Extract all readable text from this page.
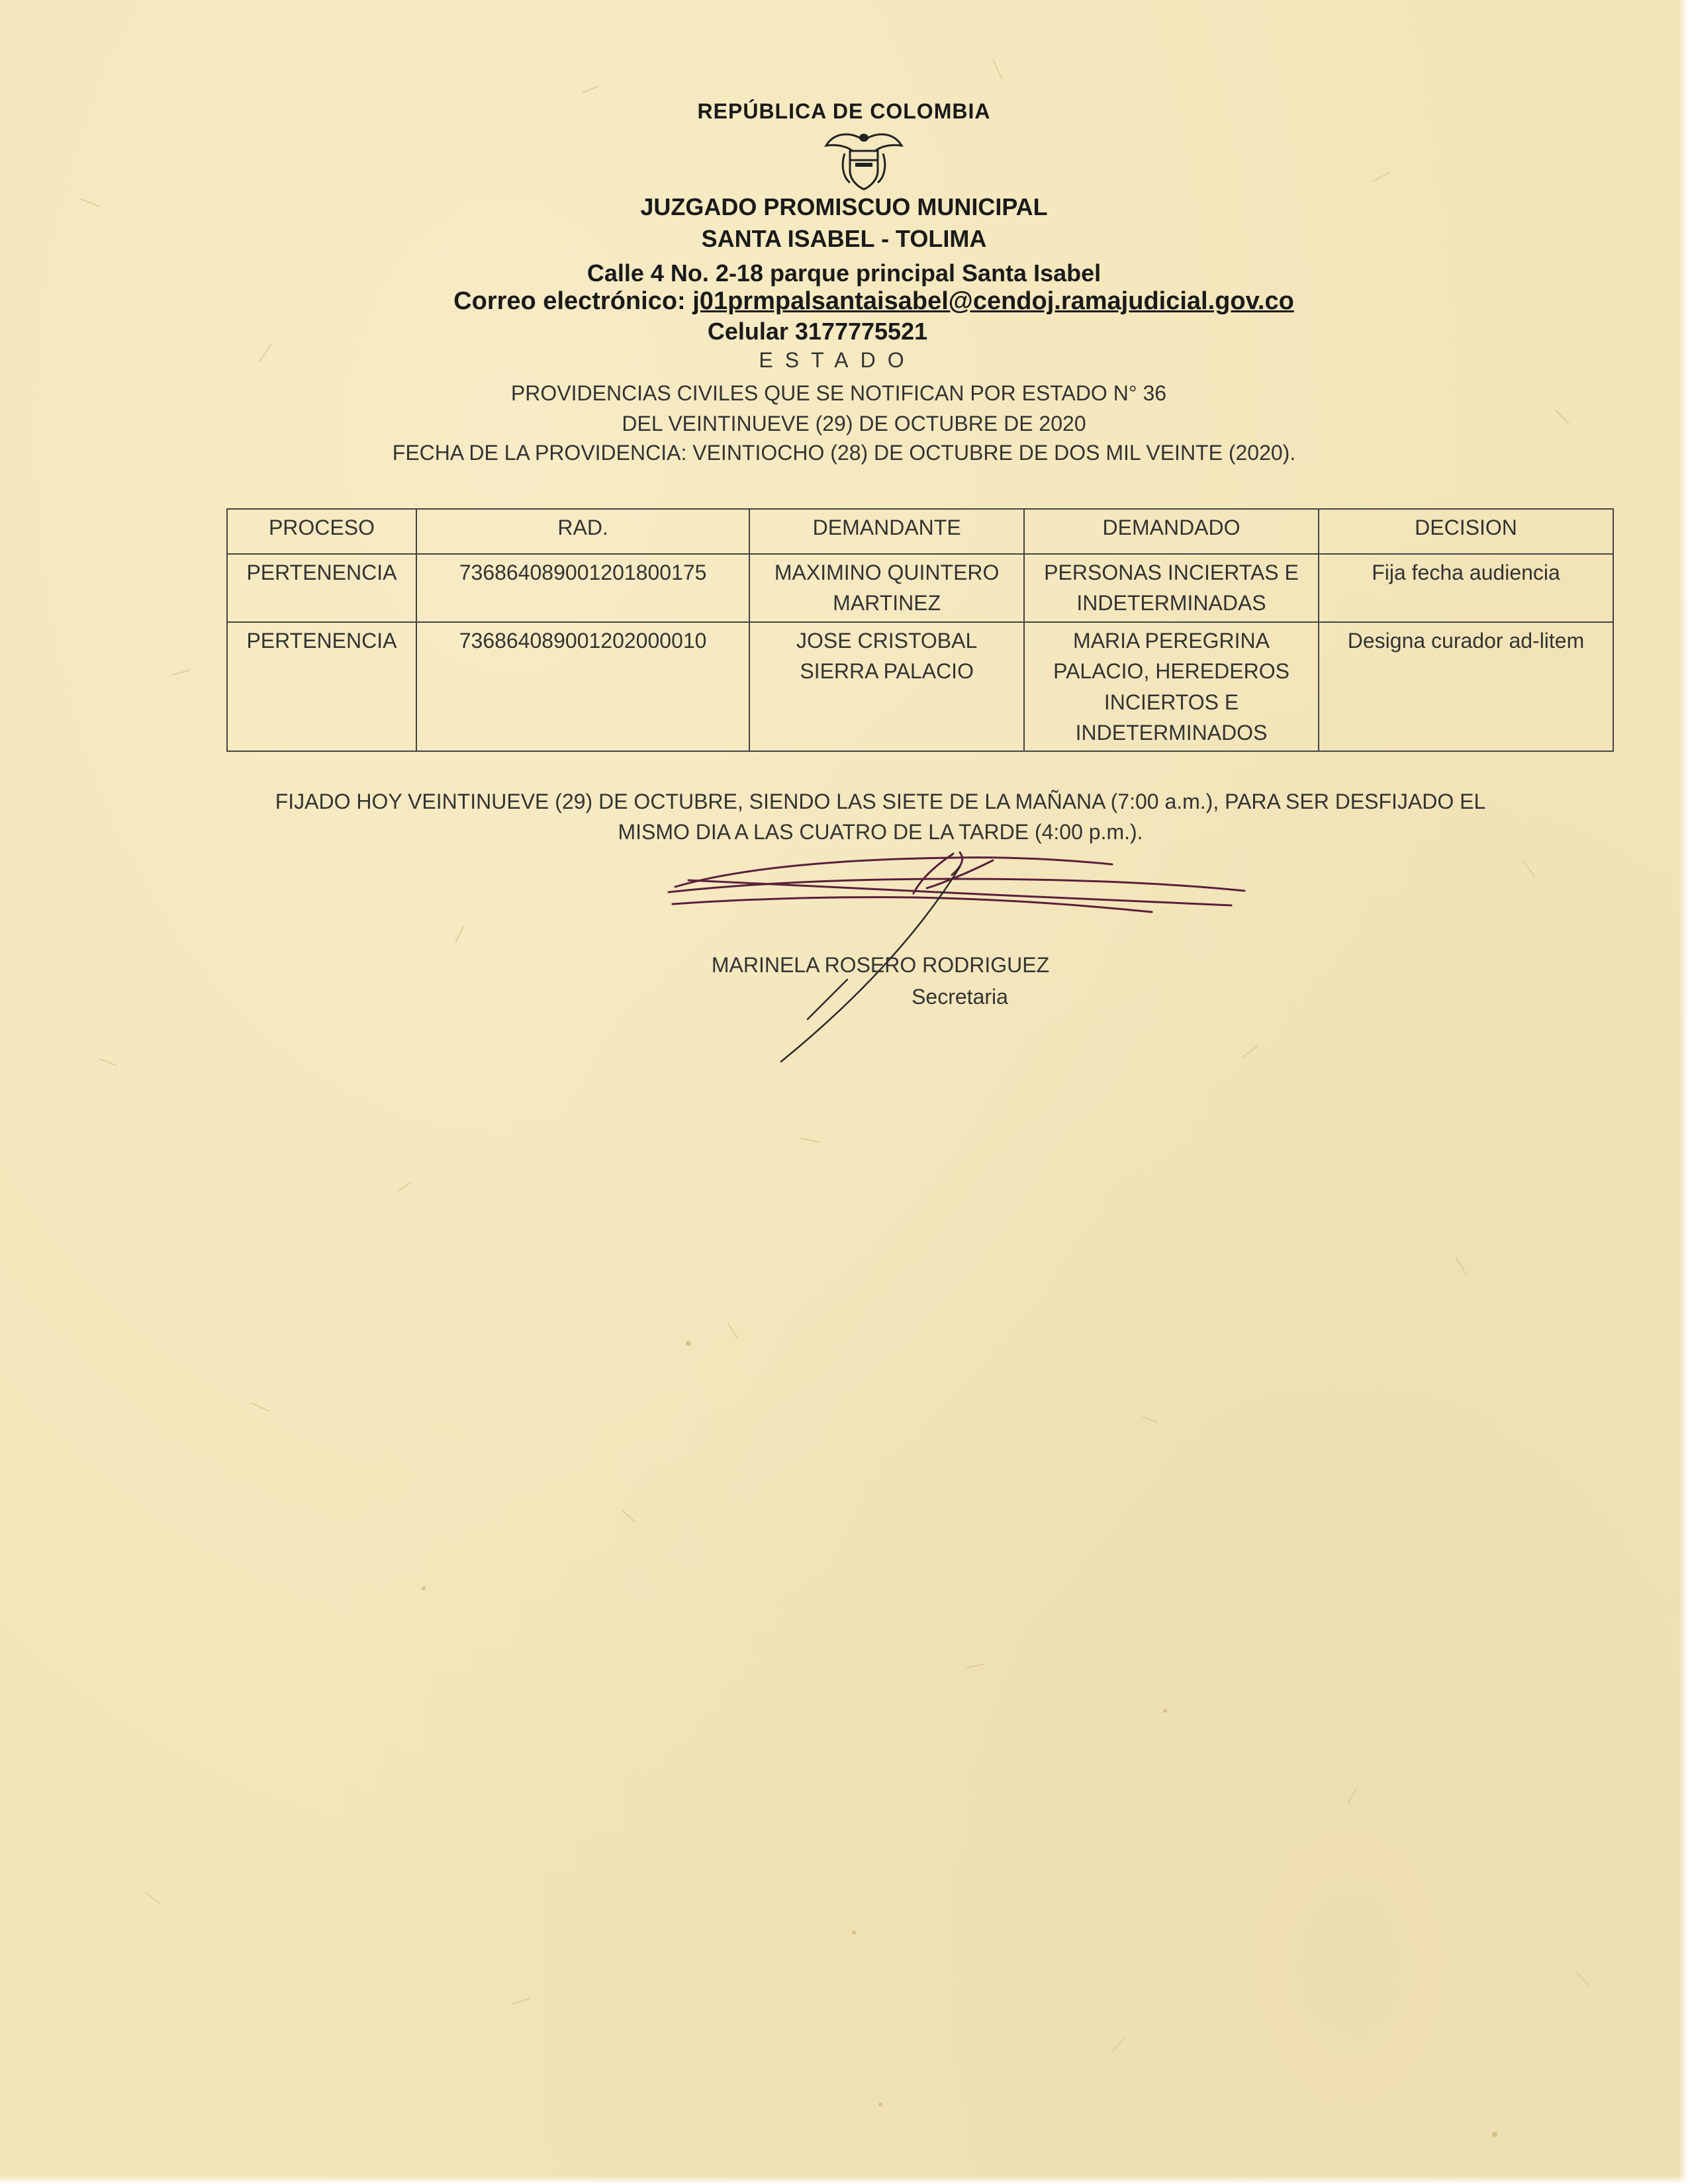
REPÚBLICA DE COLOMBIA
JUZGADO PROMISCUO MUNICIPAL
SANTA ISABEL - TOLIMA
Calle 4 No. 2-18 parque principal Santa Isabel
Correo electrónico: j01prmpalsantaisabel@cendoj.ramajudicial.gov.co
Celular 3177775521
ESTADO
PROVIDENCIAS CIVILES QUE SE NOTIFICAN POR ESTADO N° 36
DEL VEINTINUEVE (29) DE OCTUBRE DE 2020
FECHA DE LA PROVIDENCIA: VEINTIOCHO (28) DE OCTUBRE DE DOS MIL VEINTE (2020).
PROCESO	RAD.	DEMANDANTE	DEMANDADO	DECISION
PERTENENCIA	73686408900120180​0175	MAXIMINO QUINTERO MARTINEZ	PERSONAS INCIERTAS E INDETERMINADAS	Fija fecha audiencia
PERTENENCIA	73686408900120200​0010	JOSE CRISTOBAL SIERRA PALACIO	MARIA PEREGRINA PALACIO, HEREDEROS INCIERTOS E INDETERMINADOS	Designa curador ad-litem
FIJADO HOY VEINTINUEVE (29) DE OCTUBRE, SIENDO LAS SIETE DE LA MAÑANA (7:00 a.m.), PARA SER DESFIJADO EL
MISMO DIA A LAS CUATRO DE LA TARDE (4:00 p.m.).
MARINELA ROSERO RODRIGUEZ
Secretaria
